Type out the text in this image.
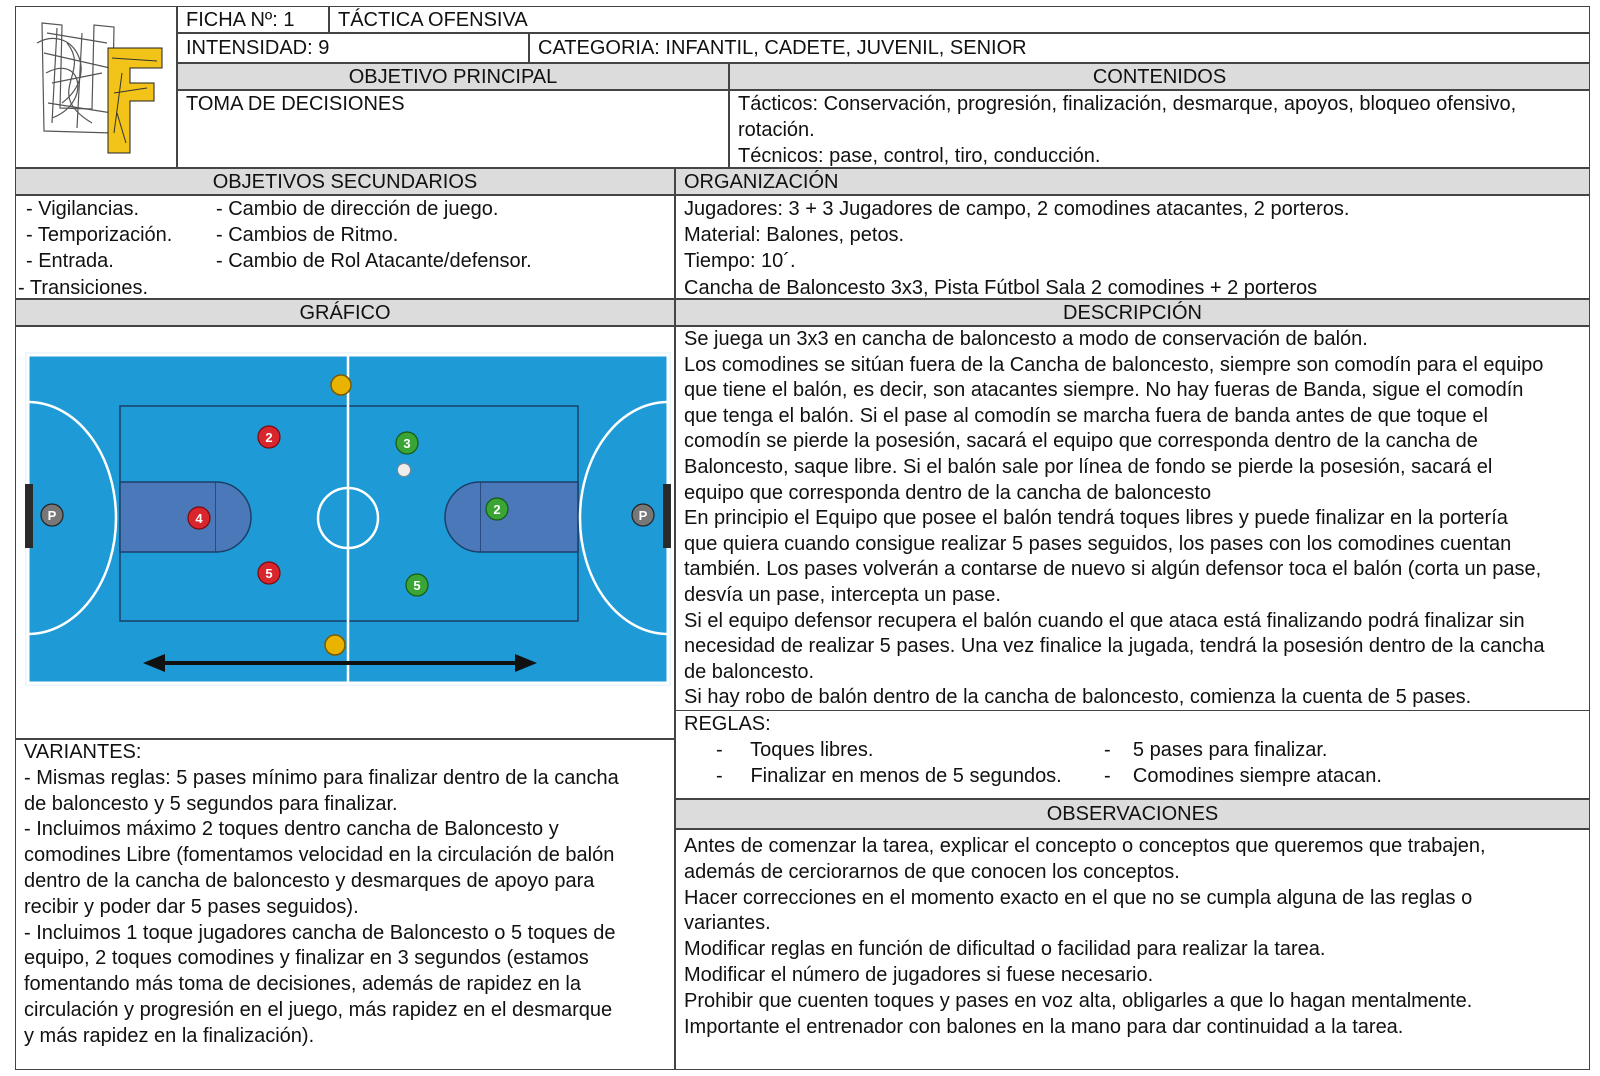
FICHA Nº: 1	TÁCTICA OFENSIVA
INTENSIDAD: 9	CATEGORIA: INFANTIL, CADETE, JUVENIL, SENIOR
OBJETIVO PRINCIPAL	CONTENIDOS
TOMA DE DECISIONES	Tácticos: Conservación, progresión, finalización, desmarque, apoyos, bloqueo ofensivo,

rotación.

Técnicos: pase, control, tiro, conducción.

OBJETIVOS SECUNDARIOS	ORGANIZACIÓN

- Vigilancias.

- Temporización.

- Entrada.

- Transiciones.

- Cambio de dirección de juego.

- Cambios de Ritmo.

- Cambio de Rol Atacante/defensor.

Jugadores: 3 + 3 Jugadores de campo, 2 comodines atacantes, 2 porteros.

Material: Balones, petos.

Tiempo: 10´.

Cancha de Baloncesto 3x3, Pista Fútbol Sala 2 comodines + 2 porteros

GRÁFICO	DESCRIPCIÓN
2
4
5
3
2
5
P	P

Se juega un 3x3 en cancha de baloncesto a modo de conservación de balón.

Los comodines se sitúan fuera de la Cancha de baloncesto, siempre son comodín para el equipo

que tiene el balón, es decir, son atacantes siempre. No hay fueras de Banda, sigue el comodín

que tenga el balón. Si el pase al comodín se marcha fuera de banda antes de que toque el

comodín se pierde la posesión, sacará el equipo que corresponda dentro de la cancha de

Baloncesto, saque libre. Si el balón sale por línea de fondo se pierde la posesión, sacará el

equipo que corresponda dentro de la cancha de baloncesto

En principio el Equipo que posee el balón tendrá toques libres y puede finalizar en la portería

que quiera cuando consigue realizar 5 pases seguidos, los pases con los comodines cuentan

también. Los pases volverán a contarse de nuevo si algún defensor toca el balón (corta un pase,

desvía un pase, intercepta un pase.

Si el equipo defensor recupera el balón cuando el que ataca está finalizando podrá finalizar sin

necesidad de realizar 5 pases. Una vez finalice la jugada, tendrá la posesión dentro de la cancha

de baloncesto.

Si hay robo de balón dentro de la cancha de baloncesto, comienza la cuenta de 5 pases.

REGLAS:

-     Toques libres.

-     Finalizar en menos de 5 segundos.

-    5 pases para finalizar.

-    Comodines siempre atacan.

OBSERVACIONES

Antes de comenzar la tarea, explicar el concepto o conceptos que queremos que trabajen,

además de cerciorarnos de que conocen los conceptos.

Hacer correcciones en el momento exacto en el que no se cumpla alguna de las reglas o

variantes.

Modificar reglas en función de dificultad o facilidad para realizar la tarea.

Modificar el número de jugadores si fuese necesario.

Prohibir que cuenten toques y pases en voz alta, obligarles a que lo hagan mentalmente.

Importante el entrenador con balones en la mano para dar continuidad a la tarea.

VARIANTES:

- Mismas reglas: 5 pases mínimo para finalizar dentro de la cancha

de baloncesto y 5 segundos para finalizar.

- Incluimos máximo 2 toques dentro cancha de Baloncesto y

comodines Libre (fomentamos velocidad en la circulación de balón

dentro de la cancha de baloncesto y desmarques de apoyo para

recibir y poder dar 5 pases seguidos).

- Incluimos 1 toque jugadores cancha de Baloncesto o 5 toques de

equipo, 2 toques comodines y finalizar en 3 segundos (estamos

fomentando más toma de decisiones, además de rapidez en la

circulación y progresión en el juego, más rapidez en el desmarque

y más rapidez en la finalización).
